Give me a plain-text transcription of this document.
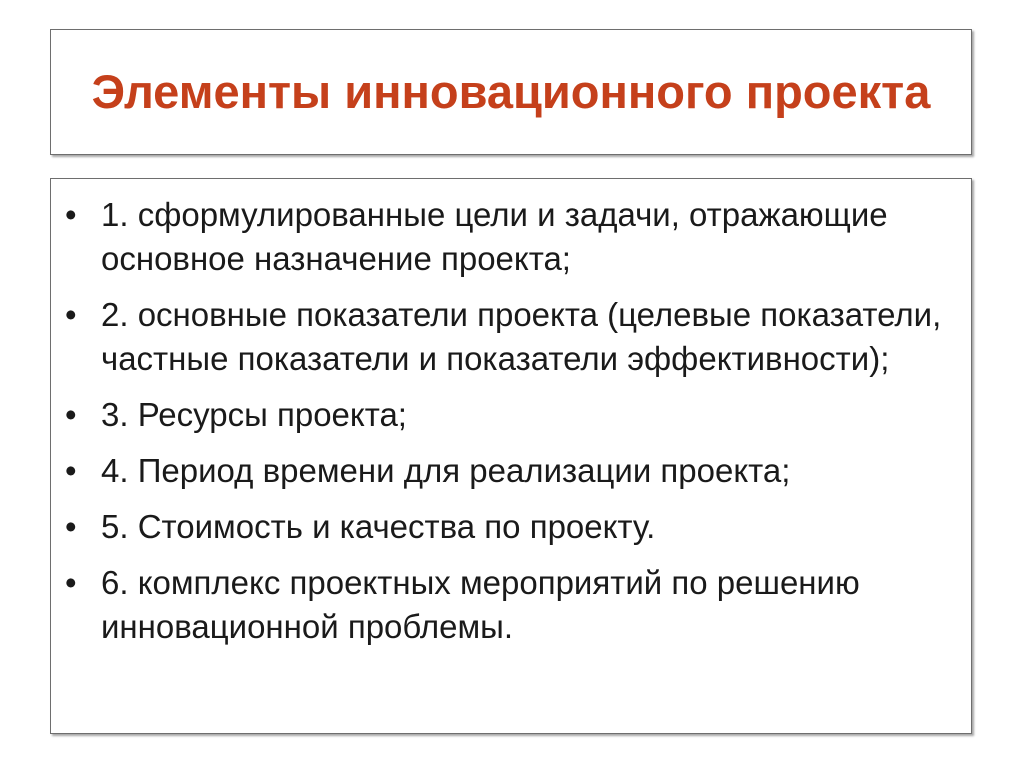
Элементы инновационного проекта
• 1. сформулированные цели и задачи, отражающие основное назначение проекта;
• 2. основные показатели проекта (целевые показатели, частные показатели и показатели эффективности);
• 3. Ресурсы проекта;
• 4. Период времени для реализации проекта;
• 5. Стоимость и качества по проекту.
• 6. комплекс проектных мероприятий по решению инновационной проблемы.
